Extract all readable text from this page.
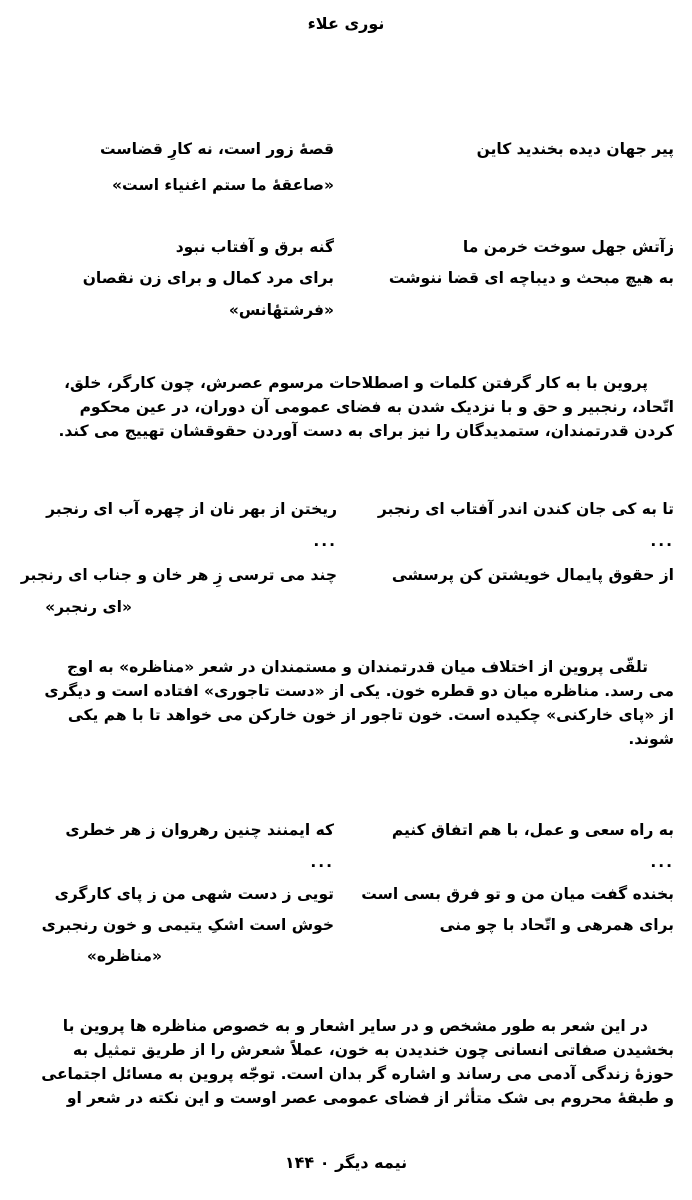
نوری علاء

پیر جهان دیده بخندید کاین

قصهٔ زور است، نه کارِ قضاست

«صاعقهٔ ما ستم اغنیاء است»

زآتش جهل سوخت خرمن ما

گنه برق و آفتاب نبود

به هیچ مبحث و دیباچه ای قضا ننوشت

برای مرد کمال و برای زن نقصان

«فرشتهٔانس»

پروین با به کار گرفتن کلمات و اصطلاحات مرسوم عصرش، چون کارگر، خلق،
اتّحاد، رنجبیر و حق و با نزدیک شدن به فضای عمومی آن دوران، در عین محکوم
کردن قدرتمندان، ستمدیدگان را نیز برای به دست آوردن حقوقشان تهییج می کند.

تا به کی جان کندن اندر آفتاب ای رنجبر

ریختن از بهر نان از چهره آب ای رنجبر

...

...

از حقوق پایمال خویشتن کن پرسشی

چند می ترسی زِ هر خان و جناب ای رنجبر

«ای رنجبر»

تلقّی پروین از اختلاف میان قدرتمندان و مستمندان در شعر «مناظره» به اوج
می رسد. مناظره میان دو قطره خون. یکی از «دست تاجوری» افتاده است و دیگری
از «پای خارکنی» چکیده است. خون تاجور از خون خارکن می خواهد تا با هم یکی
شوند.

به راه سعی و عمل، با هم اتفاق کنیم

که ایمنند چنین رهروان ز هر خطری

...

...

بخنده گفت میان من و تو فرق بسی است

تویی ز دست شهی من ز پای کارگری

برای همرهی و اتّحاد با چو منی

خوش است اشکِ یتیمی و خون رنجبری

«مناظره»

در این شعر به طور مشخص و در سایر اشعار و به خصوص مناظره ها پروین با
بخشیدن صفاتی انسانی چون خندیدن به خون، عملاً شعرش را از طریق تمثیل به
حوزهٔ زندگی آدمی می رساند و اشاره گر بدان است. توجّه پروین به مسائل اجتماعی
و طبقهٔ محروم بی شک متأثر از فضای عمومی عصر اوست و این نکته در شعر او
نیمه دیگر ۰ ۱۴۴
